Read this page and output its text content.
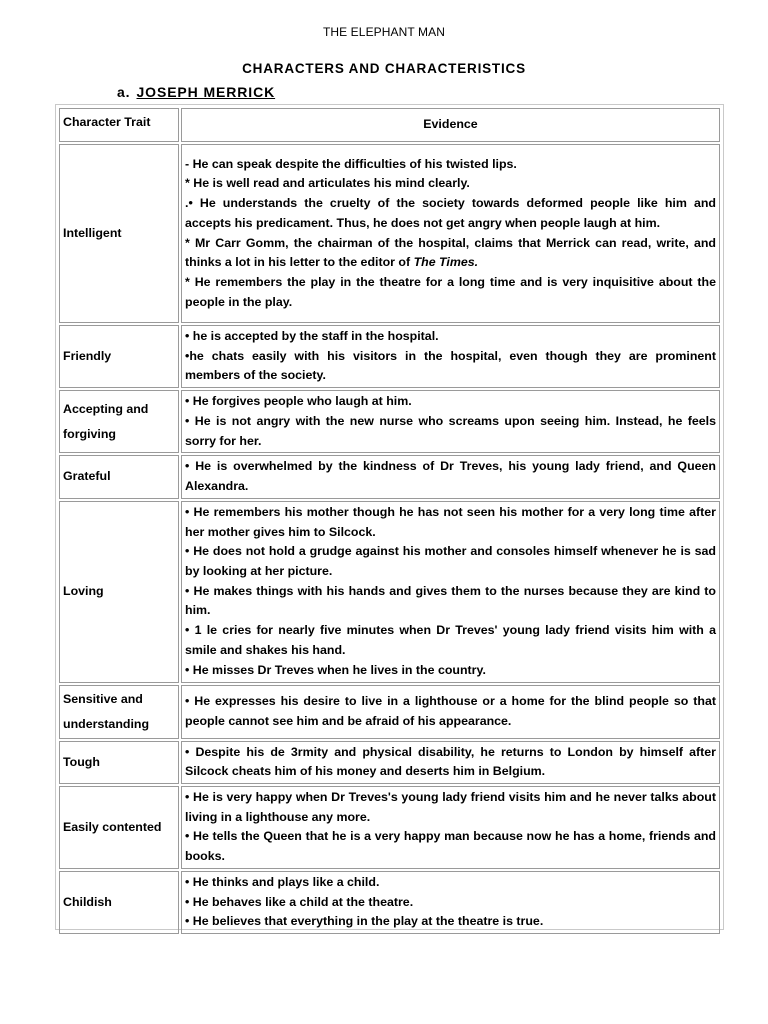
THE ELEPHANT MAN
CHARACTERS AND CHARACTERISTICS
a. JOSEPH MERRICK
Character Trait	Evidence
Intelligent	- He can speak despite the difficulties of his twisted lips.
* He is well read and articulates his mind clearly.
.• He understands the cruelty of the society towards deformed people like him and accepts his predicament. Thus, he does not get angry when people laugh at him.
* Mr Carr Gomm, the chairman of the hospital, claims that Merrick can read, write, and thinks a lot in his letter to the editor of The Times.
* He remembers the play in the theatre for a long time and is very inquisitive about the people in the play.

Friendly	• he is accepted by the staff in the hospital.
•he chats easily with his visitors in the hospital, even though they are prominent members of the society.

Accepting and forgiving	• He forgives people who laugh at him.
• He is not angry with the new nurse who screams upon seeing him. Instead, he feels sorry for her.

Grateful	• He is overwhelmed by the kindness of Dr Treves, his young lady friend, and Queen Alexandra.

Loving	• He remembers his mother though he has not seen his mother for a very long time after her mother gives him to Silcock.
• He does not hold a grudge against his mother and consoles himself whenever he is sad by looking at her picture.
• He makes things with his hands and gives them to the nurses because they are kind to him.
• 1 le cries for nearly five minutes when Dr Treves' young lady friend visits him with a smile and shakes his hand.
• He misses Dr Treves when he lives in the country.

Sensitive and understanding	• He expresses his desire to live in a lighthouse or a home for the blind people so that people cannot see him and be afraid of his appearance.

Tough	• Despite his de 3rmity and physical disability, he returns to London by himself after Silcock cheats him of his money and deserts him in Belgium.

Easily contented	• He is very happy when Dr Treves's young lady friend visits him and he never talks about living in a lighthouse any more.
• He tells the Queen that he is a very happy man because now he has a home, friends and books.

Childish	• He thinks and plays like a child.
• He behaves like a child at the theatre.
• He believes that everything in the play at the theatre is true.
